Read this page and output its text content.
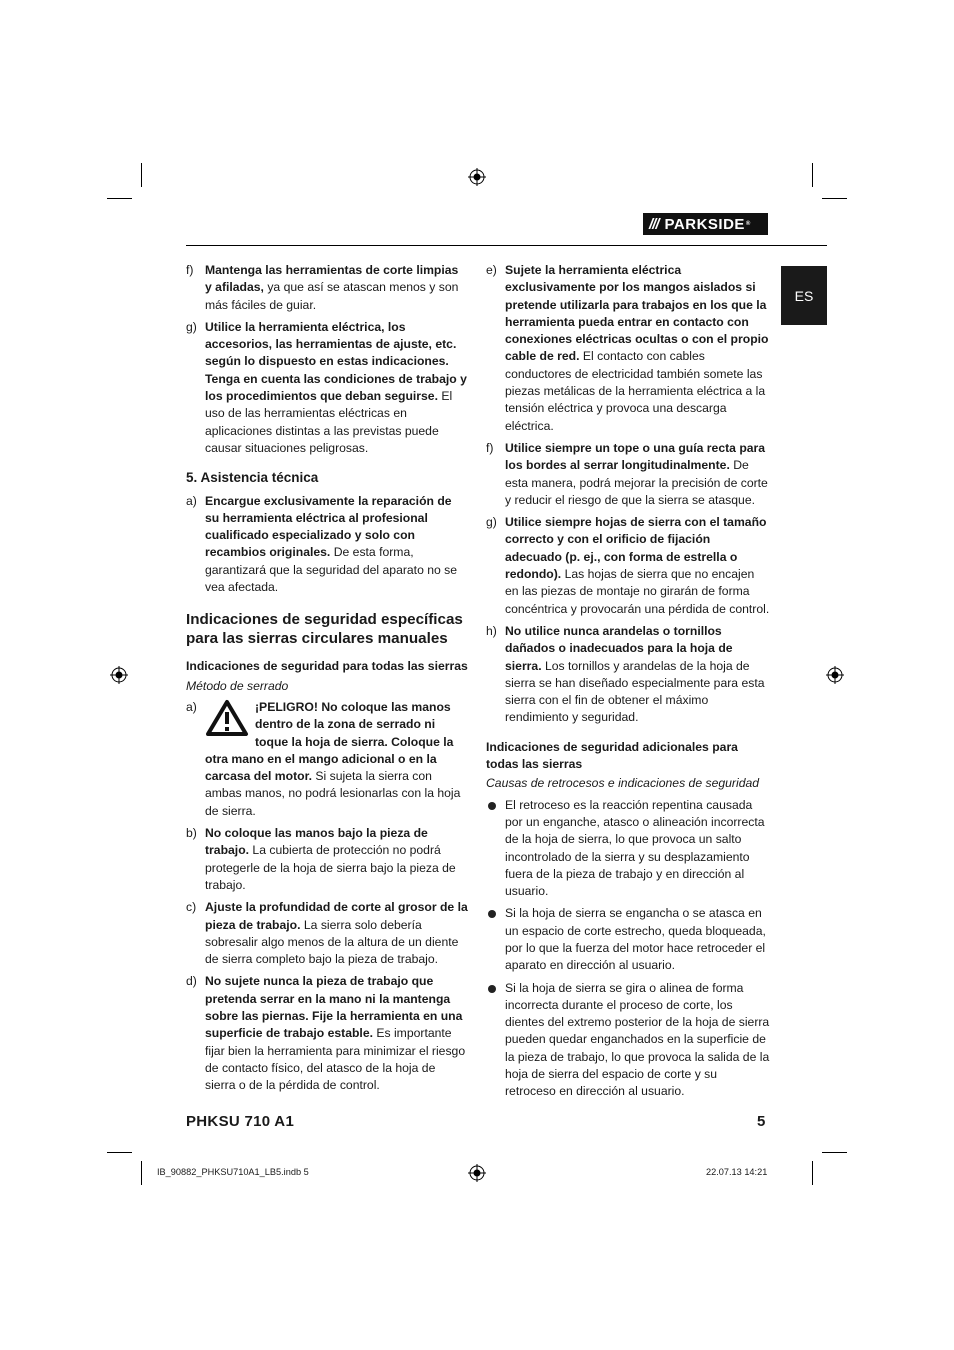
/// PARKSIDE ®
ES
f) Mantenga las herramientas de corte limpias y afiladas, ya que así se atascan menos y son más fáciles de guiar.
g) Utilice la herramienta eléctrica, los accesorios, las herramientas de ajuste, etc. según lo dispuesto en estas indicaciones. Tenga en cuenta las condiciones de trabajo y los procedimientos que deban seguirse. El uso de las herramientas eléctricas en aplicaciones distintas a las previstas puede causar situaciones peligrosas.
5. Asistencia técnica
a) Encargue exclusivamente la reparación de su herramienta eléctrica al profesional cualificado especializado y solo con recambios originales. De esta forma, garantizará que la seguridad del aparato no se vea afectada.
Indicaciones de seguridad específicas para las sierras circulares manuales
Indicaciones de seguridad para todas las sierras
Método de serrado
a)	¡PELIGRO! No coloque las manos dentro de la zona de serrado ni toque la hoja de sierra. Coloque la otra mano en el mango adicional o en la carcasa del motor. Si sujeta la sierra con ambas manos, no podrá lesionarlas con la hoja de sierra.
b) No coloque las manos bajo la pieza de trabajo. La cubierta de protección no podrá protegerle de la hoja de sierra bajo la pieza de trabajo.
c) Ajuste la profundidad de corte al grosor de la pieza de trabajo. La sierra solo debería sobresalir algo menos de la altura de un diente de sierra completo bajo la pieza de trabajo.
d) No sujete nunca la pieza de trabajo que pretenda serrar en la mano ni la mantenga sobre las piernas. Fije la herramienta en una superficie de trabajo estable. Es importante fijar bien la herramienta para minimizar el riesgo de contacto físico, del atasco de la hoja de sierra o de la pérdida de control.
e) Sujete la herramienta eléctrica exclusivamente por los mangos aislados si pretende utilizarla para trabajos en los que la herramienta pueda entrar en contacto con conexiones eléctricas ocultas o con el propio cable de red. El contacto con cables conductores de electricidad también somete las piezas metálicas de la herramienta eléctrica a la tensión eléctrica y provoca una descarga eléctrica.
f) Utilice siempre un tope o una guía recta para los bordes al serrar longitudinalmente. De esta manera, podrá mejorar la precisión de corte y reducir el riesgo de que la sierra se atasque.
g) Utilice siempre hojas de sierra con el tamaño correcto y con el orificio de fijación adecuado (p. ej., con forma de estrella o redondo). Las hojas de sierra que no encajen en las piezas de montaje no girarán de forma concéntrica y provocarán una pérdida de control.
h) No utilice nunca arandelas o tornillos dañados o inadecuados para la hoja de sierra. Los tornillos y arandelas de la hoja de sierra se han diseñado especialmente para esta sierra con el fin de obtener el máximo rendimiento y seguridad.
Indicaciones de seguridad adicionales para todas las sierras
Causas de retrocesos e indicaciones de seguridad
El retroceso es la reacción repentina causada por un enganche, atasco o alineación incorrecta de la hoja de sierra, lo que provoca un salto incontrolado de la sierra y su desplazamiento fuera de la pieza de trabajo y en dirección al usuario.
Si la hoja de sierra se engancha o se atasca en un espacio de corte estrecho, queda bloqueada, por lo que la fuerza del motor hace retroceder el aparato en dirección al usuario.
Si la hoja de sierra se gira o alinea de forma incorrecta durante el proceso de corte, los dientes del extremo posterior de la hoja de sierra pueden quedar enganchados en la superficie de la pieza de trabajo, lo que provoca la salida de la hoja de sierra del espacio de corte y su retroceso en dirección al usuario.
PHKSU 710 A1	5
IB_90882_PHKSU710A1_LB5.indb 5	22.07.13 14:21
